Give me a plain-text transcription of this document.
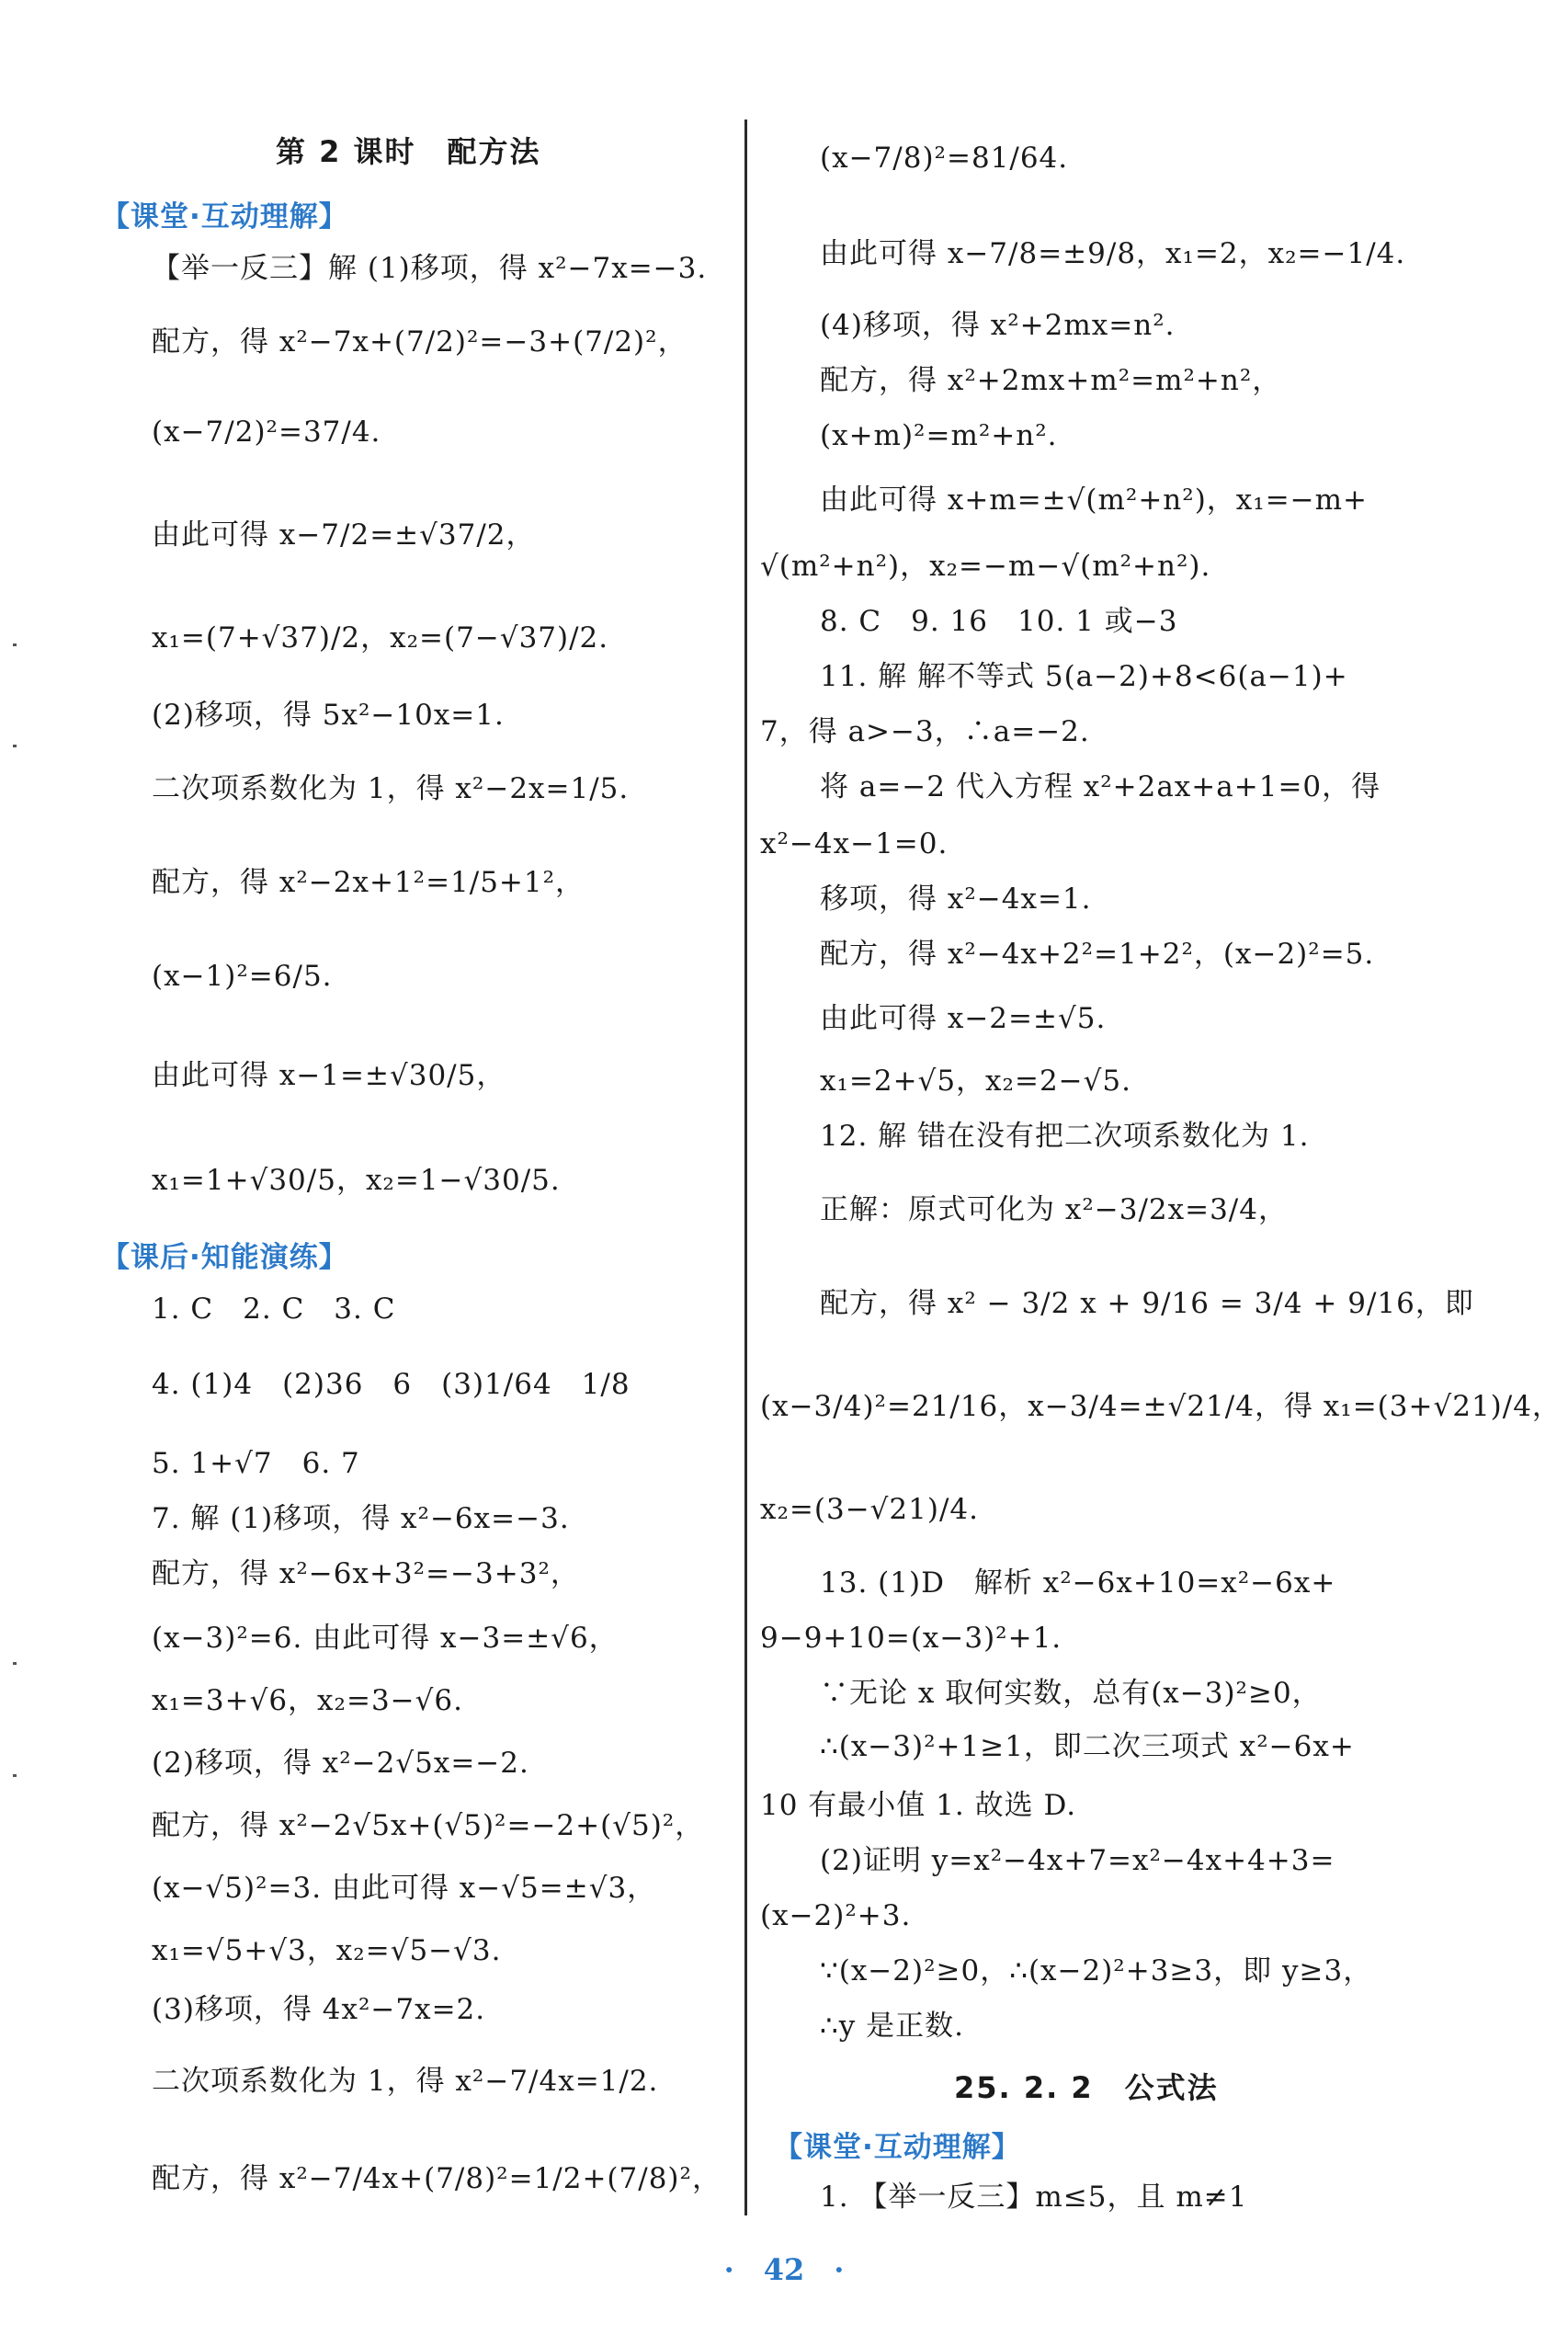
第 2 课时　配方法
【课堂·互动理解】
【举一反三】解 (1)移项，得 x²−7x=−3.
配方，得 x²−7x+(7/2)²=−3+(7/2)²，
(x−7/2)²=37/4.
由此可得 x−7/2=±√37/2，
x₁=(7+√37)/2，x₂=(7−√37)/2.
(2)移项，得 5x²−10x=1.
二次项系数化为 1，得 x²−2x=1/5.
配方，得 x²−2x+1²=1/5+1²，
(x−1)²=6/5.
由此可得 x−1=±√30/5，
x₁=1+√30/5，x₂=1−√30/5.
【课后·知能演练】
1. C　2. C　3. C
4. (1)4　(2)36　6　(3)1/64　1/8
5. 1+√7　6. 7
7. 解 (1)移项，得 x²−6x=−3.
配方，得 x²−6x+3²=−3+3²，
(x−3)²=6. 由此可得 x−3=±√6，
x₁=3+√6，x₂=3−√6.
(2)移项，得 x²−2√5x=−2.
配方，得 x²−2√5x+(√5)²=−2+(√5)²，
(x−√5)²=3. 由此可得 x−√5=±√3，
x₁=√5+√3，x₂=√5−√3.
(3)移项，得 4x²−7x=2.
二次项系数化为 1，得 x²−7/4x=1/2.
配方，得 x²−7/4x+(7/8)²=1/2+(7/8)²，
(x−7/8)²=81/64.
由此可得 x−7/8=±9/8，x₁=2，x₂=−1/4.
(4)移项，得 x²+2mx=n².
配方，得 x²+2mx+m²=m²+n²，
(x+m)²=m²+n².
由此可得 x+m=±√(m²+n²)，x₁=−m+
√(m²+n²)，x₂=−m−√(m²+n²).
8. C　9. 16　10. 1 或−3
11. 解 解不等式 5(a−2)+8<6(a−1)+
7，得 a>−3，∴a=−2.
将 a=−2 代入方程 x²+2ax+a+1=0，得
x²−4x−1=0.
移项，得 x²−4x=1.
配方，得 x²−4x+2²=1+2²，(x−2)²=5.
由此可得 x−2=±√5.
x₁=2+√5，x₂=2−√5.
12. 解 错在没有把二次项系数化为 1.
正解：原式可化为 x²−3/2x=3/4，
配方，得 x² − 3/2 x + 9/16 = 3/4 + 9/16，即
(x−3/4)²=21/16，x−3/4=±√21/4，得 x₁=(3+√21)/4，
x₂=(3−√21)/4.
13. (1)D　解析 x²−6x+10=x²−6x+
9−9+10=(x−3)²+1.
∵无论 x 取何实数，总有(x−3)²≥0，
∴(x−3)²+1≥1，即二次三项式 x²−6x+
10 有最小值 1. 故选 D.
(2)证明 y=x²−4x+7=x²−4x+4+3=
(x−2)²+3.
∵(x−2)²≥0，∴(x−2)²+3≥3，即 y≥3，
∴y 是正数.
25. 2. 2　公式法
【课堂·互动理解】
1. 【举一反三】m≤5，且 m≠1
·　42　·
